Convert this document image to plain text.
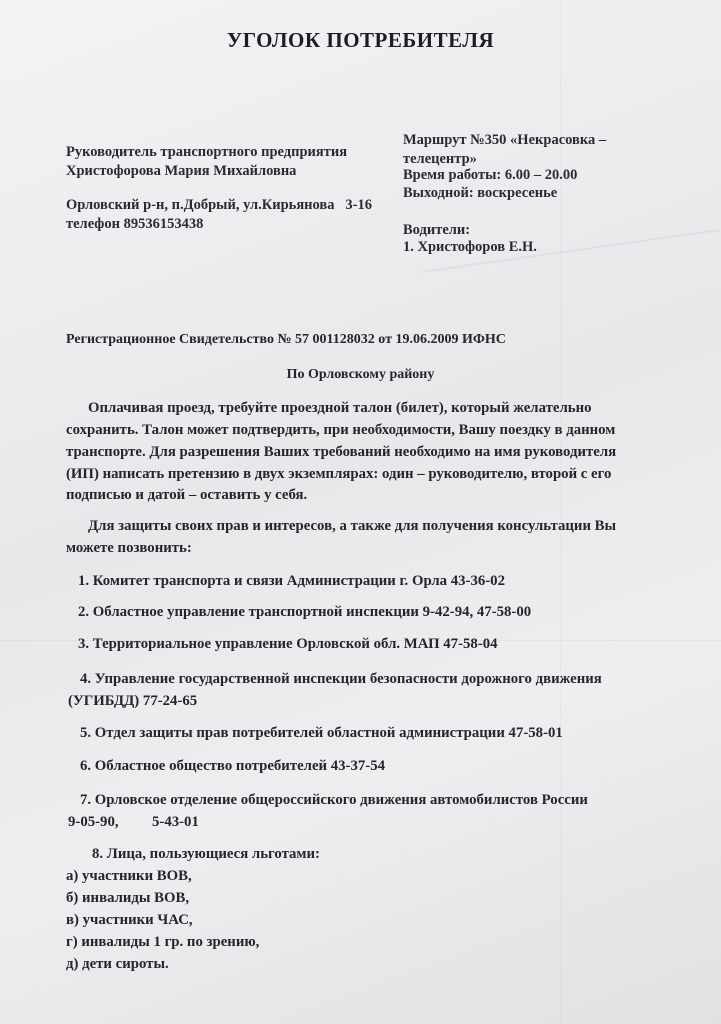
УГОЛОК ПОТРЕБИТЕЛЯ
Руководитель транспортного предприятия
Христофорова Мария Михайловна
Орловский р-н, п.Добрый, ул.Кирьянова   3-16
телефон 89536153438
Маршрут №350 «Некрасовка –
телецентр»
Время работы: 6.00 – 20.00
Выходной: воскресенье
Водители:
1. Христофоров Е.Н.
Регистрационное Свидетельство № 57 001128032 от 19.06.2009 ИФНС
По Орловскому району
Оплачивая проезд, требуйте проездной талон (билет), который желательно
сохранить. Талон может подтвердить, при необходимости, Вашу поездку в данном
транспорте. Для разрешения Ваших требований необходимо на имя руководителя
(ИП) написать претензию в двух экземплярах: один – руководителю, второй с его
подписью и датой – оставить у себя.
Для защиты своих прав и интересов, а также для получения консультации Вы
можете позвонить:
1. Комитет транспорта и связи Администрации г. Орла 43-36-02
2. Областное управление транспортной инспекции 9-42-94, 47-58-00
3. Территориальное управление Орловской обл. МАП 47-58-04
4. Управление государственной инспекции безопасности дорожного движения
(УГИБДД) 77-24-65
5. Отдел защиты прав потребителей областной администрации 47-58-01
6. Областное общество потребителей 43-37-54
7. Орловское отделение общероссийского движения автомобилистов России
9-05-90, 5-43-01
8. Лица, пользующиеся льготами:
а) участники ВОВ,
б) инвалиды ВОВ,
в) участники ЧАС,
г) инвалиды 1 гр. по зрению,
д) дети сироты.
